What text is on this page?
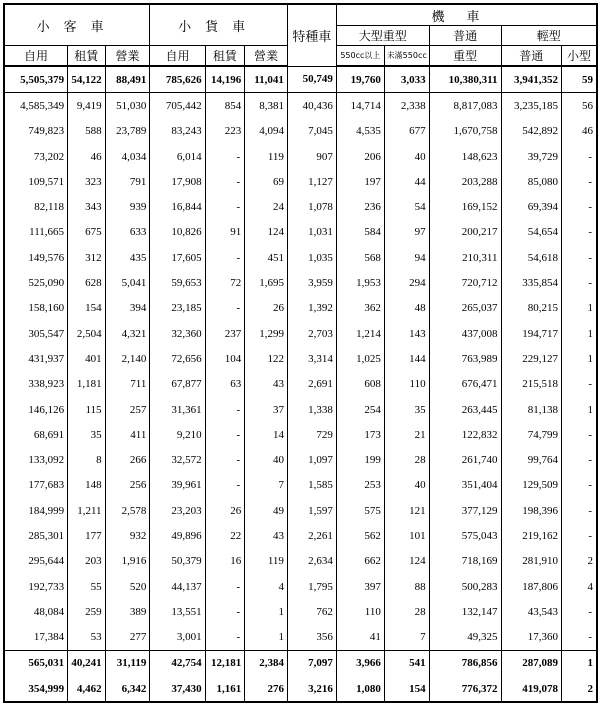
小客車			小貨車			特種車	機車				
							大型重型		普通	輕型	
自用	租賃	營業	自用	租賃	營業		550cc以上	未滿550cc	重型	普通	小型
5,505,379	54,122	88,491	785,626	14,196	11,041	50,749	19,760	3,033	10,380,311	3,941,352	59
4,585,349	9,419	51,030	705,442	854	8,381	40,436	14,714	2,338	8,817,083	3,235,185	56
749,823	588	23,789	83,243	223	4,094	7,045	4,535	677	1,670,758	542,892	46
73,202	46	4,034	6,014	-	119	907	206	40	148,623	39,729	-
109,571	323	791	17,908	-	69	1,127	197	44	203,288	85,080	-
82,118	343	939	16,844	-	24	1,078	236	54	169,152	69,394	-
111,665	675	633	10,826	91	124	1,031	584	97	200,217	54,654	-
149,576	312	435	17,605	-	451	1,035	568	94	210,311	54,618	-
525,090	628	5,041	59,653	72	1,695	3,959	1,953	294	720,712	335,854	-
158,160	154	394	23,185	-	26	1,392	362	48	265,037	80,215	1
305,547	2,504	4,321	32,360	237	1,299	2,703	1,214	143	437,008	194,717	1
431,937	401	2,140	72,656	104	122	3,314	1,025	144	763,989	229,127	1
338,923	1,181	711	67,877	63	43	2,691	608	110	676,471	215,518	-
146,126	115	257	31,361	-	37	1,338	254	35	263,445	81,138	1
68,691	35	411	9,210	-	14	729	173	21	122,832	74,799	-
133,092	8	266	32,572	-	40	1,097	199	28	261,740	99,764	-
177,683	148	256	39,961	-	7	1,585	253	40	351,404	129,509	-
184,999	1,211	2,578	23,203	26	49	1,597	575	121	377,129	198,396	-
285,301	177	932	49,896	22	43	2,261	562	101	575,043	219,162	-
295,644	203	1,916	50,379	16	119	2,634	662	124	718,169	281,910	2
192,733	55	520	44,137	-	4	1,795	397	88	500,283	187,806	4
48,084	259	389	13,551	-	1	762	110	28	132,147	43,543	-
17,384	53	277	3,001	-	1	356	41	7	49,325	17,360	-
565,031	40,241	31,119	42,754	12,181	2,384	7,097	3,966	541	786,856	287,089	1
354,999	4,462	6,342	37,430	1,161	276	3,216	1,080	154	776,372	419,078	2
